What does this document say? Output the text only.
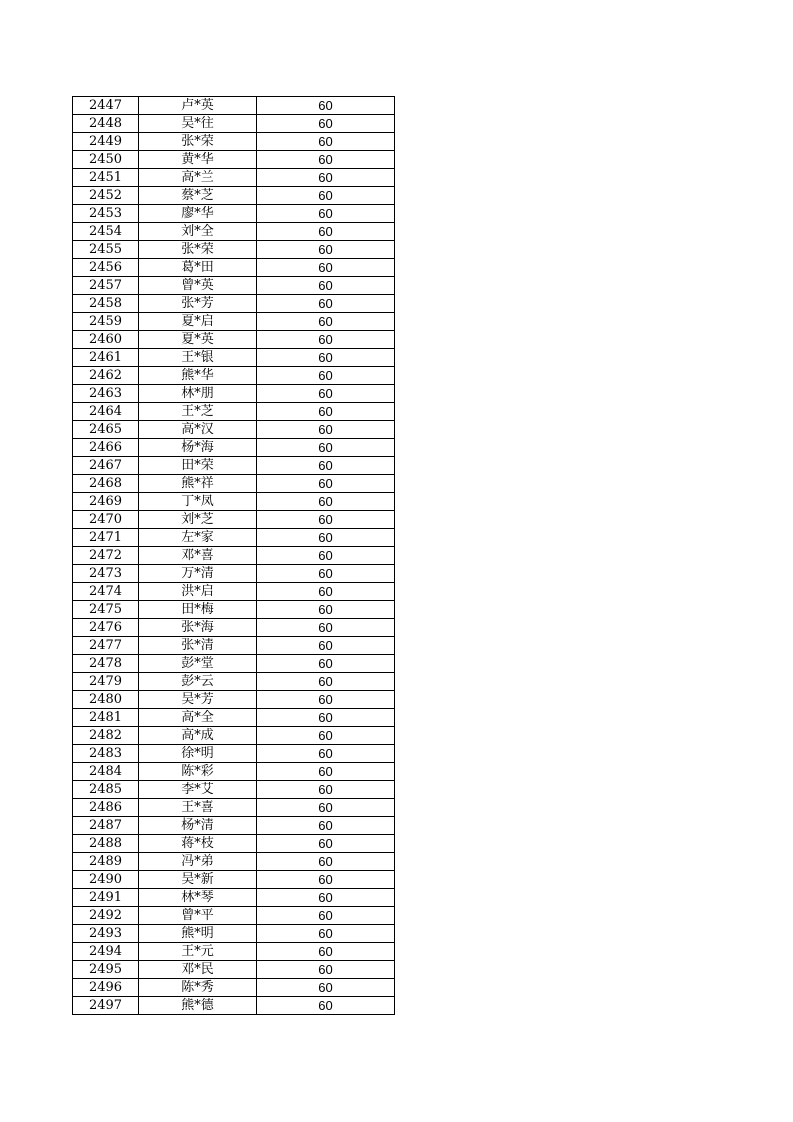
2447	卢*英	60
2448	吴*往	60
2449	张*荣	60
2450	黄*华	60
2451	高*兰	60
2452	蔡*芝	60
2453	廖*华	60
2454	刘*全	60
2455	张*荣	60
2456	葛*田	60
2457	曾*英	60
2458	张*芳	60
2459	夏*启	60
2460	夏*英	60
2461	王*银	60
2462	熊*华	60
2463	林*朋	60
2464	王*芝	60
2465	高*汉	60
2466	杨*海	60
2467	田*荣	60
2468	熊*祥	60
2469	丁*凤	60
2470	刘*芝	60
2471	左*家	60
2472	邓*喜	60
2473	万*清	60
2474	洪*启	60
2475	田*梅	60
2476	张*海	60
2477	张*清	60
2478	彭*堂	60
2479	彭*云	60
2480	吴*芳	60
2481	高*全	60
2482	高*成	60
2483	徐*明	60
2484	陈*彩	60
2485	李*艾	60
2486	王*喜	60
2487	杨*清	60
2488	蒋*枝	60
2489	冯*弟	60
2490	吴*新	60
2491	林*琴	60
2492	曾*平	60
2493	熊*明	60
2494	王*元	60
2495	邓*民	60
2496	陈*秀	60
2497	熊*德	60
